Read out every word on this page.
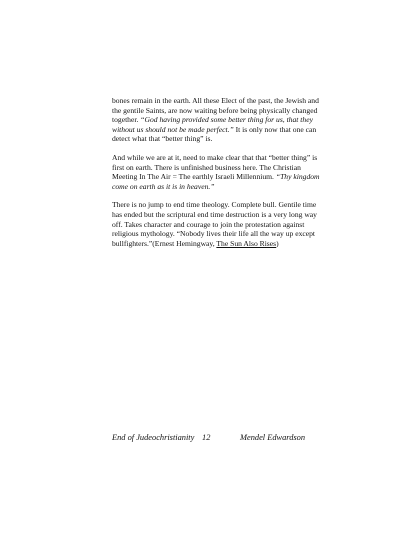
bones remain in the earth. All these Elect of the past, the Jewish and the gentile Saints, are now waiting before being physically changed together. “God having provided some better thing for us, that they without us should not be made perfect.” It is only now that one can detect what that “better thing” is.

And while we are at it, need to make clear that that “better thing” is first on earth. There is unfinished business here. The Christian Meeting In The Air = The earthly Israeli Millennium. “Thy kingdom come on earth as it is in heaven.”

There is no jump to end time theology. Complete bull. Gentile time has ended but the scriptural end time destruction is a very long way off. Takes character and courage to join the protestation against religious mythology. “Nobody lives their life all the way up except bullfighters.”(Ernest Hemingway, The Sun Also Rises)

End of Judeochristianity 12	Mendel Edwardson
